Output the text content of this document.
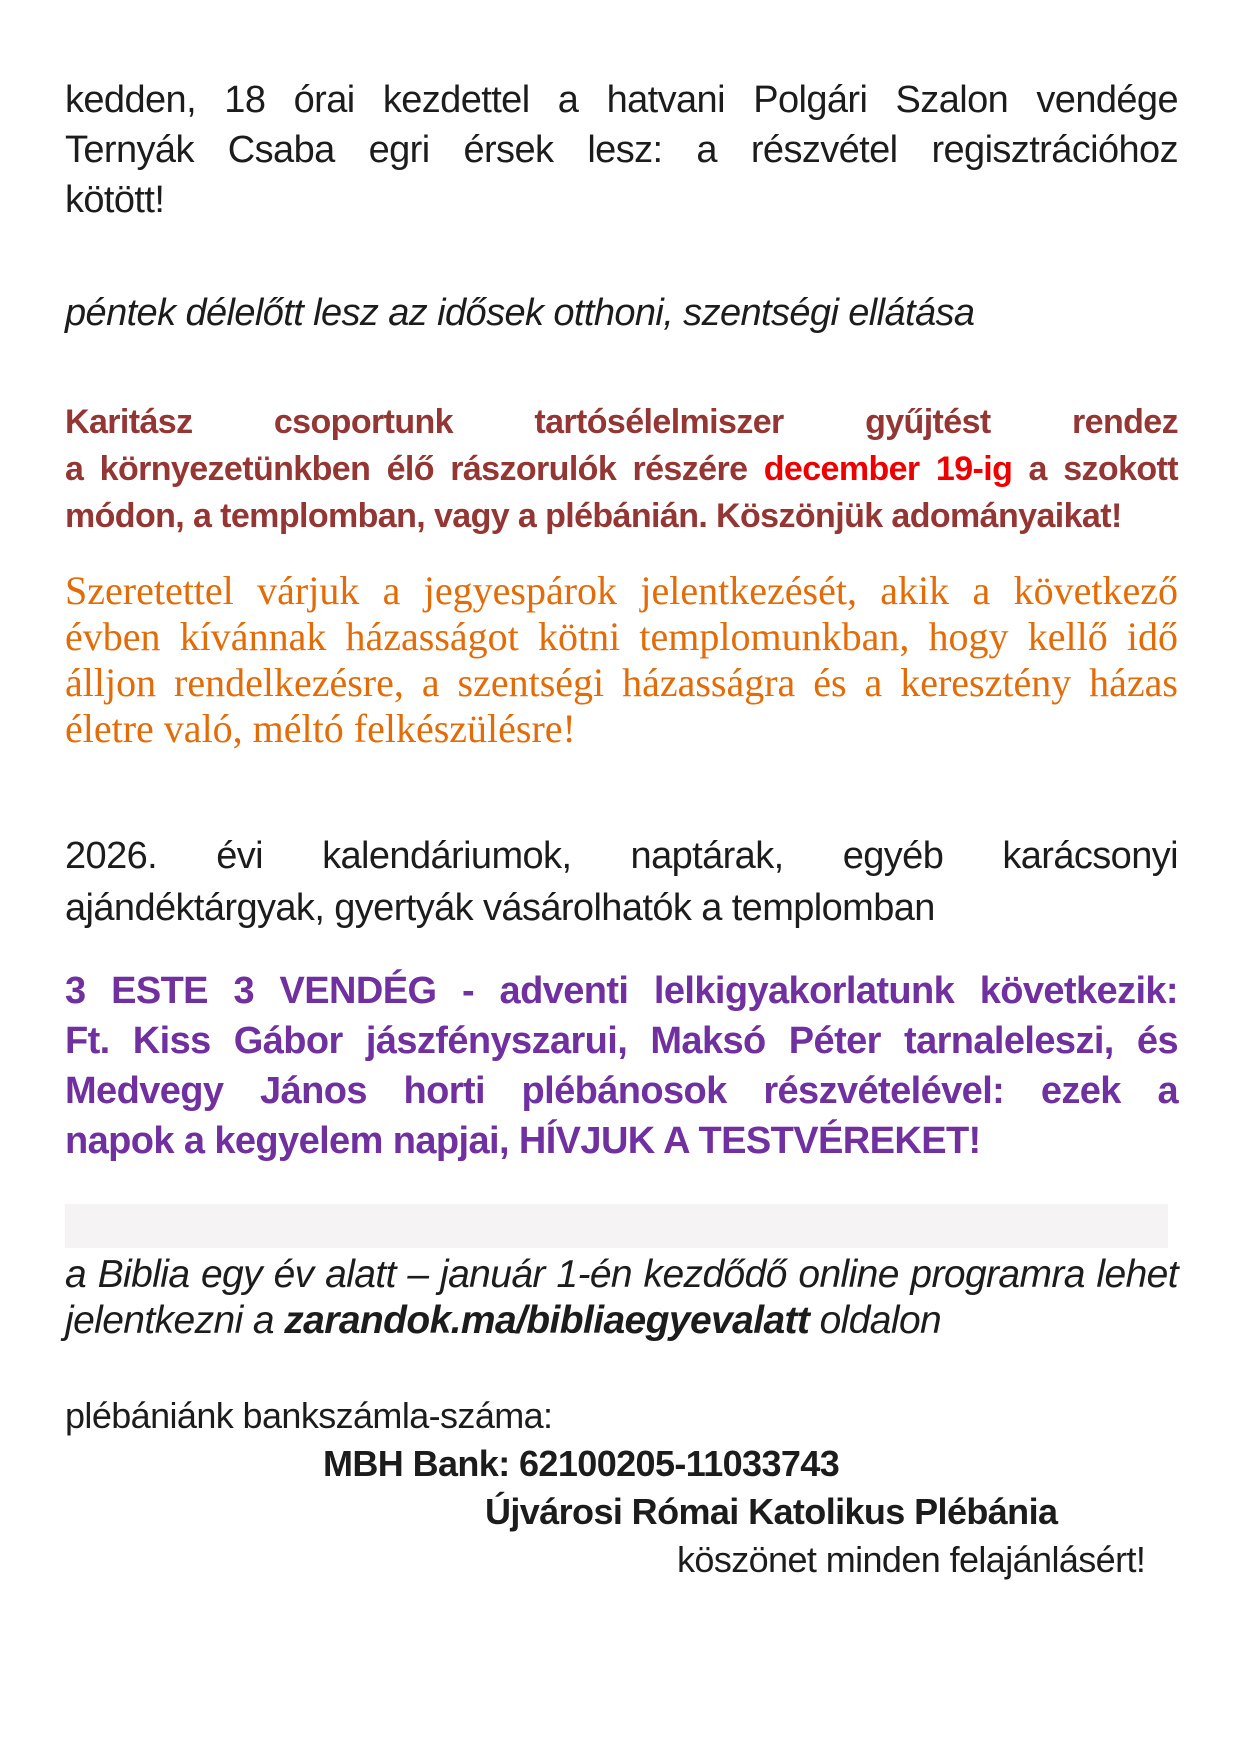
kedden, 18 órai kezdettel a hatvani Polgári Szalon vendége
Ternyák Csaba egri érsek lesz: a részvétel regisztrációhoz
kötött!
péntek délelőtt lesz az idősek otthoni, szentségi ellátása
Karitász csoportunk tartósélelmiszer gyűjtést rendez
a környezetünkben élő rászorulók részére december 19-ig a szokott
módon, a templomban, vagy a plébánián. Köszönjük adományaikat!
Szeretettel várjuk a jegyespárok jelentkezését, akik a következő
évben kívánnak házasságot kötni templomunkban, hogy kellő idő
álljon rendelkezésre, a szentségi házasságra és a keresztény házas
életre való, méltó felkészülésre!
2026. évi kalendáriumok, naptárak, egyéb karácsonyi
ajándéktárgyak, gyertyák vásárolhatók a templomban
3 ESTE 3 VENDÉG - adventi lelkigyakorlatunk következik:
Ft. Kiss Gábor jászfényszarui, Maksó Péter tarnaleleszi, és
Medvegy János horti plébánosok részvételével: ezek a
napok a kegyelem napjai, HÍVJUK A TESTVÉREKET!
a Biblia egy év alatt – január 1-én kezdődő online programra lehet
jelentkezni a zarandok.ma/bibliaegyevalatt oldalon
plébániánk bankszámla-száma:
MBH Bank: 62100205-11033743
Újvárosi Római Katolikus Plébánia
köszönet minden felajánlásért!
